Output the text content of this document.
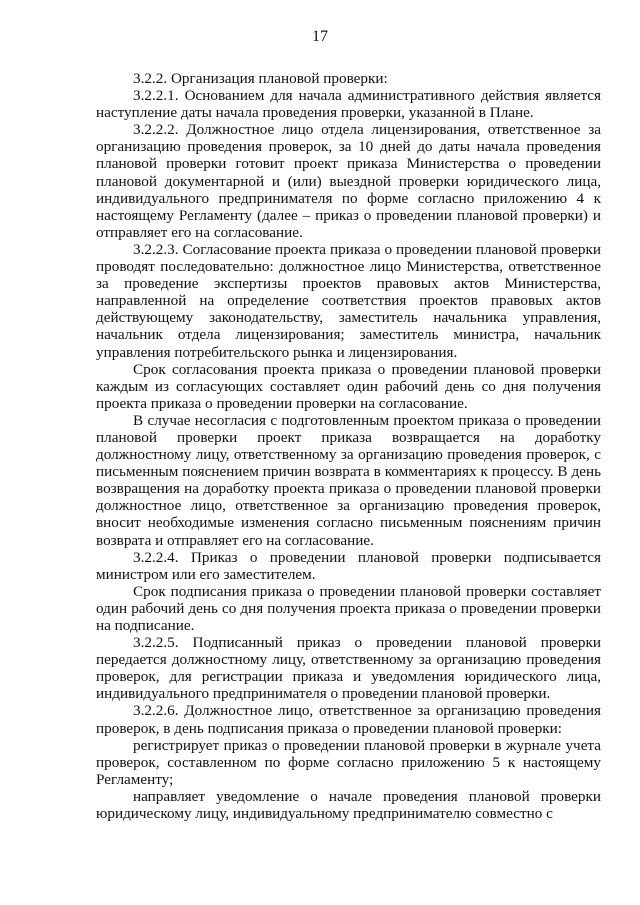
17

3.2.2. Организация плановой проверки:

3.2.2.1. Основанием для начала административного действия является наступление даты начала проведения проверки, указанной в Плане.

3.2.2.2. Должностное лицо отдела лицензирования, ответственное за организацию проведения проверок, за 10 дней до даты начала проведения плановой проверки готовит проект приказа Министерства о проведении плановой документарной и (или) выездной проверки юридического лица, индивидуального предпринимателя по форме согласно приложению 4 к настоящему Регламенту (далее – приказ о проведении плановой проверки) и отправляет его на согласование.

3.2.2.3. Согласование проекта приказа о проведении плановой проверки проводят последовательно: должностное лицо Министерства, ответственное за проведение экспертизы проектов правовых актов Министерства, направленной на определение соответствия проектов правовых актов действующему законодательству, заместитель начальника управления, начальник отдела лицензирования; заместитель министра, начальник управления потребительского рынка и лицензирования.

Срок согласования проекта приказа о проведении плановой проверки каждым из согласующих составляет один рабочий день со дня получения проекта приказа о проведении проверки на согласование.

В случае несогласия с подготовленным проектом приказа о проведении плановой проверки проект приказа возвращается на доработку должностному лицу, ответственному за организацию проведения проверок, с письменным пояснением причин возврата в комментариях к процессу. В день возвращения на доработку проекта приказа о проведении плановой проверки должностное лицо, ответственное за организацию проведения проверок, вносит необходимые изменения согласно письменным пояснениям причин возврата и отправляет его на согласование.

3.2.2.4. Приказ о проведении плановой проверки подписывается министром или его заместителем.

Срок подписания приказа о проведении плановой проверки составляет один рабочий день со дня получения проекта приказа о проведении проверки на подписание.

3.2.2.5. Подписанный приказ о проведении плановой проверки передается должностному лицу, ответственному за организацию проведения проверок, для регистрации приказа и уведомления юридического лица, индивидуального предпринимателя о проведении плановой проверки.

3.2.2.6. Должностное лицо, ответственное за организацию проведения проверок, в день подписания приказа о проведении плановой проверки:

регистрирует приказ о проведении плановой проверки в журнале учета проверок, составленном по форме согласно приложению 5 к настоящему Регламенту;

направляет уведомление о начале проведения плановой проверки юридическому лицу, индивидуальному предпринимателю совместно с
